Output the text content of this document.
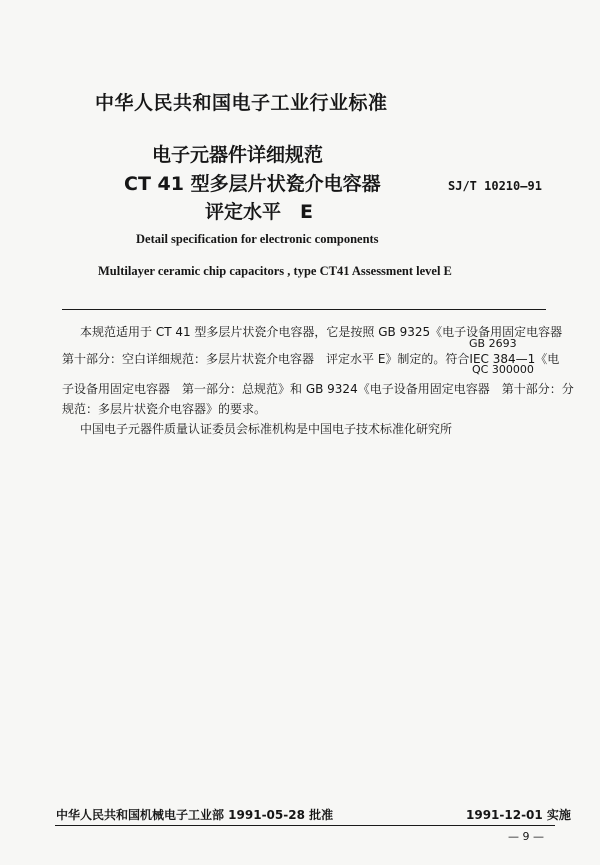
中华人民共和国电子工业行业标准
电子元器件详细规范
CT 41 型多层片状瓷介电容器
评定水平　E
SJ/T 10210—91
Detail specification for electronic components
Multilayer ceramic chip capacitors , type CT41 Assessment level E
本规范适用于 CT 41 型多层片状瓷介电容器，它是按照 GB 9325《电子设备用固定电容器
GB 2693
第十部分：空白详细规范：多层片状瓷介电容器　评定水平 E》制定的。符合IEC 384—1《电
QC 300000
子设备用固定电容器　第一部分：总规范》和 GB 9324《电子设备用固定电容器　第十部分：分
规范：多层片状瓷介电容器》的要求。
中国电子元器件质量认证委员会标准机构是中国电子技术标准化研究所
中华人民共和国机械电子工业部 1991-05-28 批准	1991-12-01 实施
— 9 —
